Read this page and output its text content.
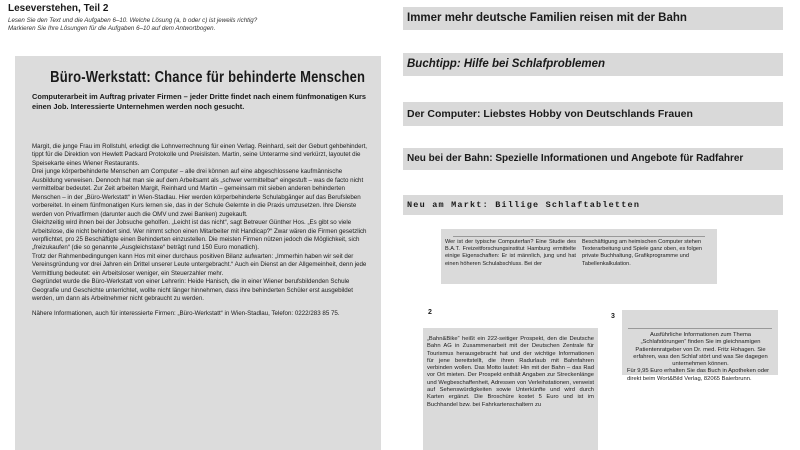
Leseverstehen, Teil 2
Lesen Sie den Text und die Aufgaben 6–10. Welche Lösung (a, b oder c) ist jeweils richtig?
Markieren Sie Ihre Lösungen für die Aufgaben 6–10 auf dem Antwortbogen.
Büro-Werkstatt: Chance für behinderte Menschen
Computerarbeit im Auftrag privater Firmen – jeder Dritte findet nach einem fünfmonatigen Kurs einen Job. Interessierte Unternehmen werden noch gesucht.

Margit, die junge Frau im Rollstuhl, erledigt die Lohnverrechnung für einen Verlag. Reinhard, seit der Geburt gehbehindert, tippt für die Direktion von Hewlett Packard Protokolle und Preislisten. Martin, seine Unterarme sind verkürzt, layoutet die Speisekarte eines Wiener Restaurants.

Drei junge körperbehinderte Menschen am Computer – alle drei können auf eine abgeschlossene kaufmännische Ausbildung verweisen. Dennoch hat man sie auf dem Arbeitsamt als „schwer vermittelbar“ eingestuft – was de facto nicht vermittelbar bedeutet. Zur Zeit arbeiten Margit, Reinhard und Martin – gemeinsam mit sieben anderen behinderten Menschen – in der „Büro-Werkstatt“ in Wien-Stadlau. Hier werden körperbehinderte Schulabgänger auf das Berufsleben vorbereitet. In einem fünfmonatigen Kurs lernen sie, das in der Schule Gelernte in die Praxis umzusetzen. Ihre Dienste werden von Privatfirmen (darunter auch die OMV und zwei Banken) zugekauft.

Gleichzeitig wird ihnen bei der Jobsuche geholfen. „Leicht ist das nicht“, sagt Betreuer Günther Hos. „Es gibt so viele Arbeitslose, die nicht behindert sind. Wer nimmt schon einen Mitarbeiter mit Handicap?“ Zwar wären die Firmen gesetzlich verpflichtet, pro 25 Beschäftigte einen Behinderten einzustellen. Die meisten Firmen nützen jedoch die Möglichkeit, sich „freizukaufen“ (die so genannte „Ausgleichstaxe“ beträgt rund 150 Euro monatlich).

Trotz der Rahmenbedingungen kann Hos mit einer durchaus positiven Bilanz aufwarten: „Immerhin haben wir seit der Vereinsgründung vor drei Jahren ein Drittel unserer Leute untergebracht.“ Auch ein Dienst an der Allgemeinheit, denn jede Vermittlung bedeutet: ein Arbeitsloser weniger, ein Steuerzahler mehr.

Gegründet wurde die Büro-Werkstatt von einer Lehrerin: Heide Hanisch, die in einer Wiener berufsbildenden Schule Geografie und Geschichte unterrichtet, wollte nicht länger hinnehmen, dass ihre behinderten Schüler erst ausgebildet werden, um dann als Arbeitnehmer nicht gebraucht zu werden.

Nähere Informationen, auch für interessierte Firmen: „Büro-Werkstatt“ in Wien-Stadlau, Telefon: 0222/283 85 75.

Immer mehr deutsche Familien reisen mit der Bahn
Buchtipp: Hilfe bei Schlafproblemen
Der Computer: Liebstes Hobby von Deutschlands Frauen
Neu bei der Bahn: Spezielle Informationen und Angebote für Radfahrer
Neu am Markt: Billige Schlaftabletten
Wer ist der typische Computerfan? Eine Studie des B.A.T. Freizeitforschungsinstitut Hamburg ermittelte einige Eigenschaften: Er ist männlich, jung und hat einen höheren Schulabschluss. Bei der
Beschäftigung am heimischen Computer stehen Texterarbeitung und Spiele ganz oben, es folgen private Buchhaltung, Grafikprogramme und Tabellenkalkulation.
2
„Bahn&Bike“ heißt ein 222-seitiger Prospekt, den die Deutsche Bahn AG in Zusammenarbeit mit der Deutschen Zentrale für Tourismus herausgebracht hat und der wichtige Informationen für jene bereitstellt, die ihren Radurlaub mit Bahnfahren verbinden wollen. Das Motto lautet: Hin mit der Bahn – das Rad vor Ort mieten. Der Prospekt enthält Angaben zur Streckenlänge und Wegbeschaffenheit, Adressen von Verleihstationen, verweist auf Sehenswürdigkeiten sowie Unterkünfte und wird durch Karten ergänzt. Die Broschüre kostet 5 Euro und ist im Buchhandel bzw. bei Fahrkartenschaltern zu
3
Ausführliche Informationen zum Thema „Schlafstörungen“ finden Sie im gleichnamigen Patientenratgeber von Dr. med. Fritz Hohagen. Sie erfahren, was den Schlaf stört und was Sie dagegen unternehmen können.
Für 9,95 Euro erhalten Sie das Buch in Apotheken oder direkt beim Wort&Bild Verlag, 82065 Baierbrunn.
